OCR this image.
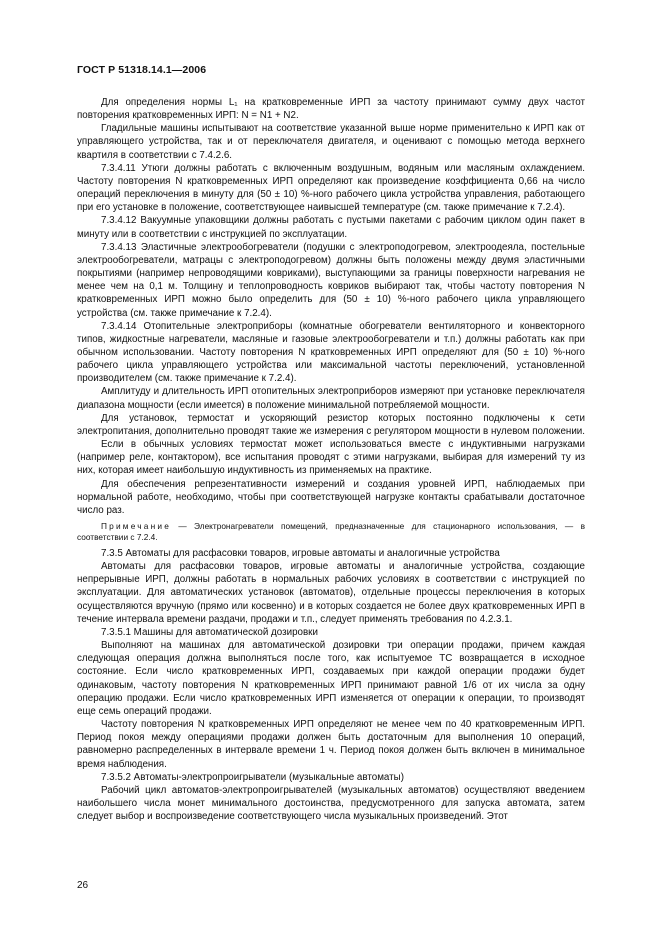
ГОСТ Р 51318.14.1—2006

Для определения нормы L₁ на кратковременные ИРП за частоту принимают сумму двух частот повторения кратковременных ИРП: N = N1 + N2.

Гладильные машины испытывают на соответствие указанной выше норме применительно к ИРП как от управляющего устройства, так и от переключателя двигателя, и оценивают с помощью метода верхнего квартиля в соответствии с 7.4.2.6.

7.3.4.11 Утюги должны работать с включенным воздушным, водяным или масляным охлаждением. Частоту повторения N кратковременных ИРП определяют как произведение коэффициента 0,66 на число операций переключения в минуту для (50 ± 10) %-ного рабочего цикла устройства управления, работающего при его установке в положение, соответствующее наивысшей температуре (см. также примечание к 7.2.4).

7.3.4.12 Вакуумные упаковщики должны работать с пустыми пакетами с рабочим циклом один пакет в минуту или в соответствии с инструкцией по эксплуатации.

7.3.4.13 Эластичные электрообогреватели (подушки с электроподогревом, электроодеяла, постельные электрообогреватели, матрацы с электроподогревом) должны быть положены между двумя эластичными покрытиями (например непроводящими ковриками), выступающими за границы поверхности нагревания не менее чем на 0,1 м. Толщину и теплопроводность ковриков выбирают так, чтобы частоту повторения N кратковременных ИРП можно было определить для (50 ± 10) %-ного рабочего цикла управляющего устройства (см. также примечание к 7.2.4).

7.3.4.14 Отопительные электроприборы (комнатные обогреватели вентиляторного и конвекторного типов, жидкостные нагреватели, масляные и газовые электрообогреватели и т.п.) должны работать как при обычном использовании. Частоту повторения N кратковременных ИРП определяют для (50 ± 10) %-ного рабочего цикла управляющего устройства или максимальной частоты переключений, установленной производителем (см. также примечание к 7.2.4).

Амплитуду и длительность ИРП отопительных электроприборов измеряют при установке переключателя диапазона мощности (если имеется) в положение минимальной потребляемой мощности.

Для установок, термостат и ускоряющий резистор которых постоянно подключены к сети электропитания, дополнительно проводят такие же измерения с регулятором мощности в нулевом положении.

Если в обычных условиях термостат может использоваться вместе с индуктивными нагрузками (например реле, контактором), все испытания проводят с этими нагрузками, выбирая для измерений ту из них, которая имеет наибольшую индуктивность из применяемых на практике.

Для обеспечения репрезентативности измерений и создания уровней ИРП, наблюдаемых при нормальной работе, необходимо, чтобы при соответствующей нагрузке контакты срабатывали достаточное число раз.

Примечание — Электронагреватели помещений, предназначенные для стационарного использования, — в соответствии с 7.2.4.

7.3.5 Автоматы для расфасовки товаров, игровые автоматы и аналогичные устройства

Автоматы для расфасовки товаров, игровые автоматы и аналогичные устройства, создающие непрерывные ИРП, должны работать в нормальных рабочих условиях в соответствии с инструкцией по эксплуатации. Для автоматических установок (автоматов), отдельные процессы переключения в которых осуществляются вручную (прямо или косвенно) и в которых создается не более двух кратковременных ИРП в течение интервала времени раздачи, продажи и т.п., следует применять требования по 4.2.3.1.

7.3.5.1 Машины для автоматической дозировки

Выполняют на машинах для автоматической дозировки три операции продажи, причем каждая следующая операция должна выполняться после того, как испытуемое ТС возвращается в исходное состояние. Если число кратковременных ИРП, создаваемых при каждой операции продажи будет одинаковым, частоту повторения N кратковременных ИРП принимают равной 1/6 от их числа за одну операцию продажи. Если число кратковременных ИРП изменяется от операции к операции, то производят еще семь операций продажи.

Частоту повторения N кратковременных ИРП определяют не менее чем по 40 кратковременным ИРП. Период покоя между операциями продажи должен быть достаточным для выполнения 10 операций, равномерно распределенных в интервале времени 1 ч. Период покоя должен быть включен в минимальное время наблюдения.

7.3.5.2 Автоматы-электропроигрыватели (музыкальные автоматы)

Рабочий цикл автоматов-электропроигрывателей (музыкальных автоматов) осуществляют введением наибольшего числа монет минимального достоинства, предусмотренного для запуска автомата, затем следует выбор и воспроизведение соответствующего числа музыкальных произведений. Этот

26
